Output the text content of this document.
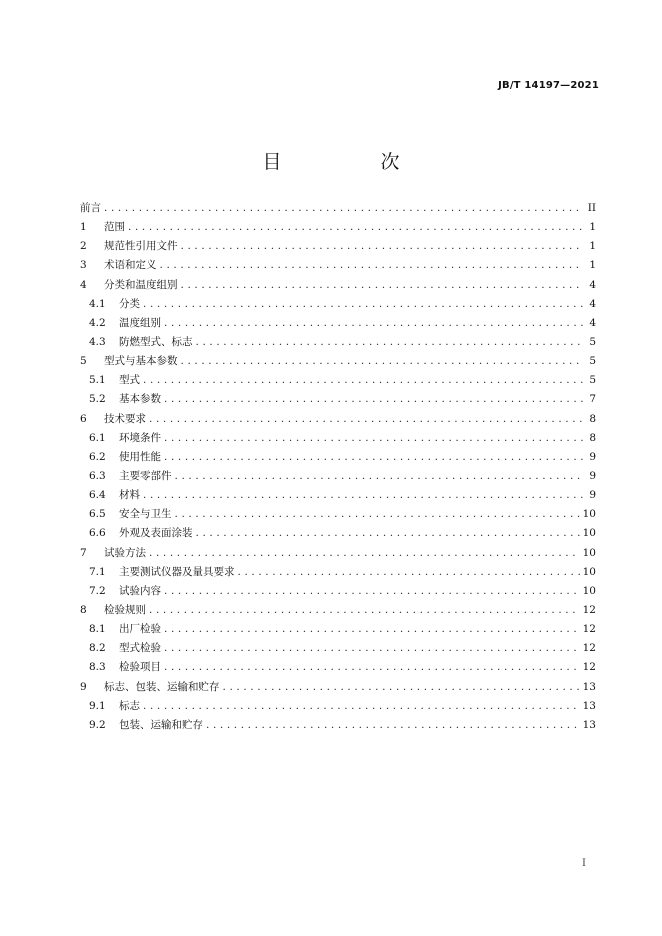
JB/T 14197—2021
目　次
前言 .....	II
1	范围 .....	1
2	规范性引用文件 .....	1
3	术语和定义 .....	1
4	分类和温度组别 .....	4
4.1	分类 .....	4
4.2	温度组别 .....	4
4.3	防燃型式、标志 .....	5
5	型式与基本参数 .....	5
5.1	型式 .....	5
5.2	基本参数 .....	7
6	技术要求 .....	8
6.1	环境条件 .....	8
6.2	使用性能 .....	9
6.3	主要零部件 .....	9
6.4	材料 .....	9
6.5	安全与卫生 .....	10
6.6	外观及表面涂装 .....	10
7	试验方法 .....	10
7.1	主要测试仪器及量具要求 .....	10
7.2	试验内容 .....	10
8	检验规则 .....	12
8.1	出厂检验 .....	12
8.2	型式检验 .....	12
8.3	检验项目 .....	12
9	标志、包装、运输和贮存 .....	13
9.1	标志 .....	13
9.2	包装、运输和贮存 .....	13
I
